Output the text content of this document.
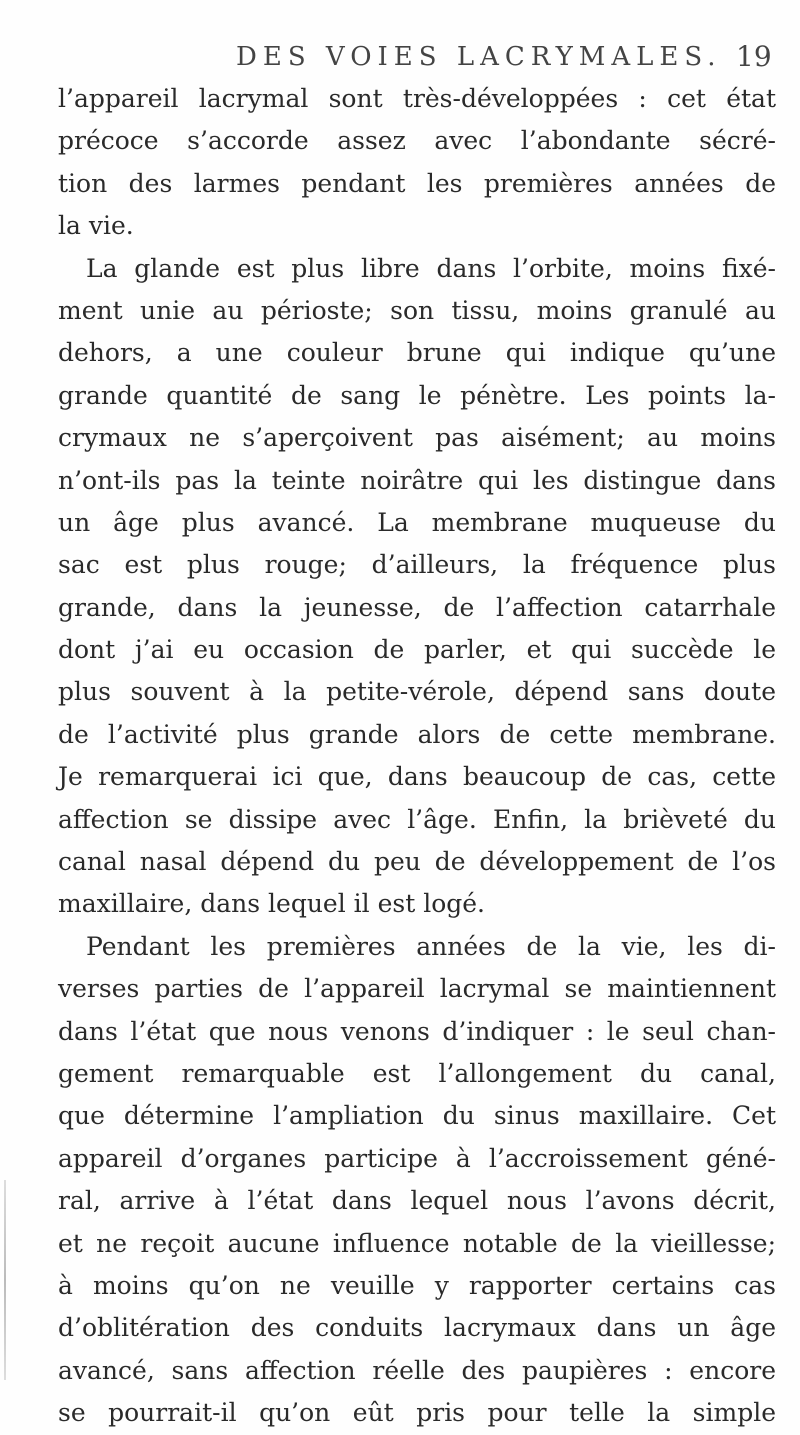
DES VOIES LACRYMALES. 19
l’appareil lacrymal sont très-développées : cet état
précoce s’accorde assez avec l’abondante sécré-
tion des larmes pendant les premières années de
la vie.
La glande est plus libre dans l’orbite, moins fixé-
ment unie au périoste; son tissu, moins granulé au
dehors, a une couleur brune qui indique qu’une
grande quantité de sang le pénètre. Les points la-
crymaux ne s’aperçoivent pas aisément; au moins
n’ont-ils pas la teinte noirâtre qui les distingue dans
un âge plus avancé. La membrane muqueuse du
sac est plus rouge; d’ailleurs, la fréquence plus
grande, dans la jeunesse, de l’affection catarrhale
dont j’ai eu occasion de parler, et qui succède le
plus souvent à la petite-vérole, dépend sans doute
de l’activité plus grande alors de cette membrane.
Je remarquerai ici que, dans beaucoup de cas, cette
affection se dissipe avec l’âge. Enfin, la brièveté du
canal nasal dépend du peu de développement de l’os
maxillaire, dans lequel il est logé.
Pendant les premières années de la vie, les di-
verses parties de l’appareil lacrymal se maintiennent
dans l’état que nous venons d’indiquer : le seul chan-
gement remarquable est l’allongement du canal,
que détermine l’ampliation du sinus maxillaire. Cet
appareil d’organes participe à l’accroissement géné-
ral, arrive à l’état dans lequel nous l’avons décrit,
et ne reçoit aucune influence notable de la vieillesse;
à moins qu’on ne veuille y rapporter certains cas
d’oblitération des conduits lacrymaux dans un âge
avancé, sans affection réelle des paupières : encore
se pourrait-il qu’on eût pris pour telle la simple
